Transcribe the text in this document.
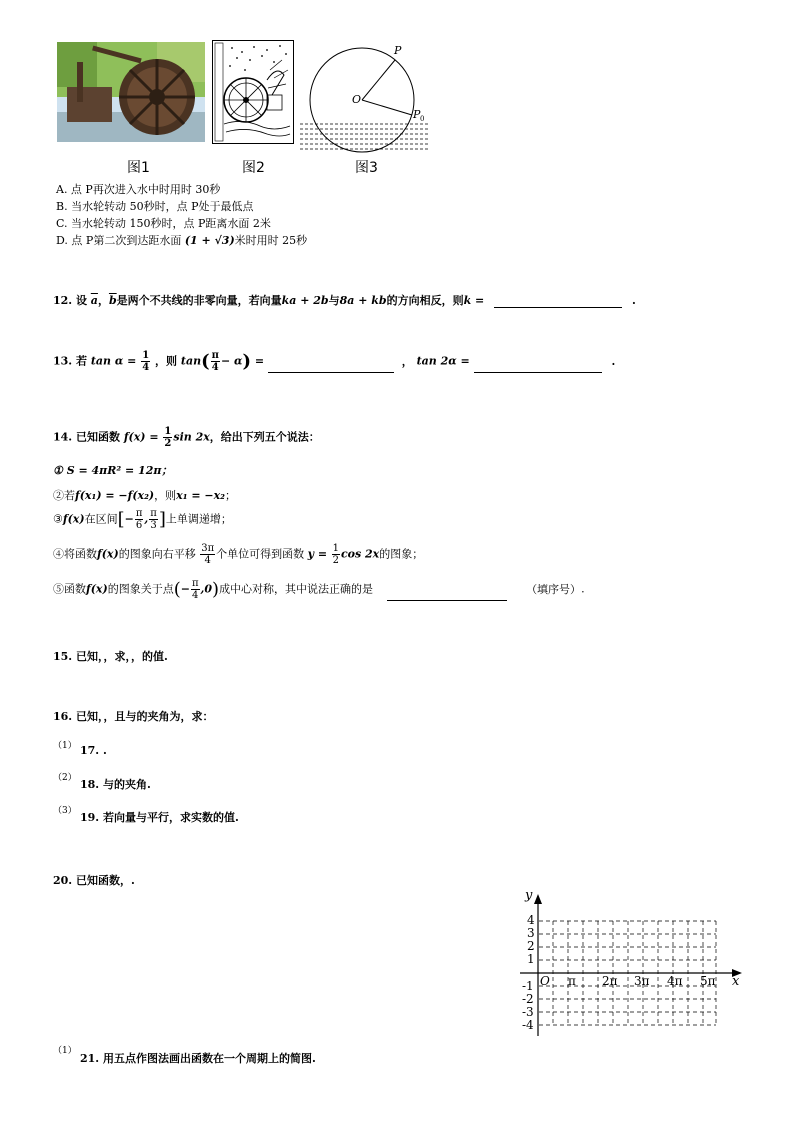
P
O
P 0
图1	图2	图3
A. 点 P再次进入水中时用时 30秒
B. 当水轮转动 50秒时，点 P处于最低点
C. 当水轮转动 150秒时，点 P距离水面 2米
D. 点 P第二次到达距水面 (1 + √3)米时用时 25秒
12. 设 $\overline{a}$，$\overline{b}$是两个不共线的非零向量，若向量ka + 2b与8a + kb的方向相反，则k =	.
13. 若 $\tan \alpha = \frac{1}{4}$ ，则 $\tan( \frac{\pi}{4} - \alpha)$ =	， tan 2α =	.
14. 已知函数 $f(x) = \frac{1}{2}$ sin 2x，给出下列五个说法：
① S = 4πR² = 12π；
②若f(x₁) = −f(x₂)，则x₁ = −x₂；
③f(x)在区间[− $\frac{\pi}{6}$ , $\frac{\pi}{3}$ ]上单调递增；
④将函数f(x)的图象向右平移 $\frac{3\pi}{4}$ 个单位可得到函数 $y = \frac{1}{2}$ cos 2x的图象；
⑤函数f(x)的图象关于点(− $\frac{\pi}{4} ,0$)成中心对称，其中说法正确的是	（填序号）.
15. 已知，，求，，的值.
16. 已知，，且与的夹角为，求：
（1） 17. .
（2） 18. 与的夹角.
（3） 19. 若向量与平行，求实数的值.
20. 已知函数，.
y
x
O
4
3
2
1
-1
-2
-3
-4
π 2π 3π 4π 5π
（1）
21. 用五点作图法画出函数在一个周期上的简图.
